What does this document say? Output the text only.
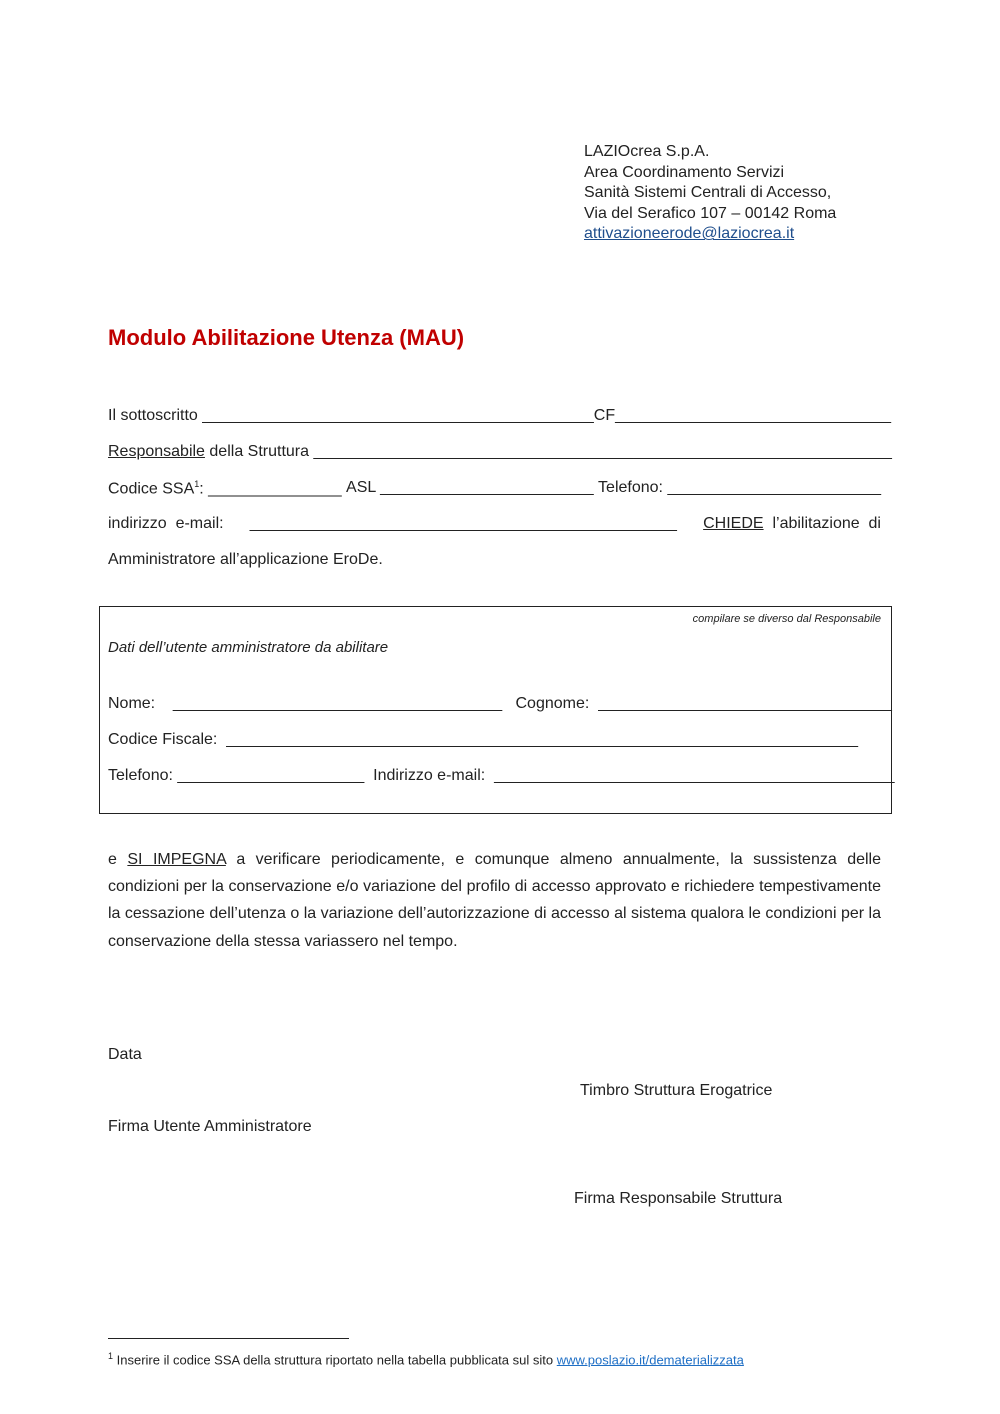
LAZIOcrea S.p.A.
Area Coordinamento Servizi
Sanità Sistemi Centrali di Accesso,
Via del Serafico 107 – 00142 Roma
attivazioneerode@laziocrea.it
Modulo Abilitazione Utenza (MAU)
Il sottoscritto ____________________________________________ CF_______________________________
Responsabile della Struttura _________________________________________________________________
Codice SSA$^1$: _______________ ASL ________________________ Telefono: ________________________
indirizzo  e-mail: ________________________________________________ CHIEDE l’abilitazione  di
Amministratore all’applicazione EroDe.
compilare se diverso dal Responsabile
Dati dell’utente amministratore da abilitare
Nome: _____________________________________ Cognome: _________________________________
Codice Fiscale: _______________________________________________________________________
Telefono: _____________________ Indirizzo e-mail: _____________________________________________
e SI IMPEGNA a verificare periodicamente, e comunque almeno annualmente, la sussistenza delle condizioni per la conservazione e/o variazione del profilo di accesso approvato e richiedere tempestivamente la cessazione dell’utenza o la variazione dell’autorizzazione di accesso al sistema qualora le condizioni per la conservazione della stessa variassero nel tempo.
Data
Timbro Struttura Erogatrice
Firma Utente Amministratore
Firma Responsabile Struttura
$^1$ Inserire il codice SSA della struttura riportato nella tabella pubblicata sul sito www.poslazio.it/dematerializzata
